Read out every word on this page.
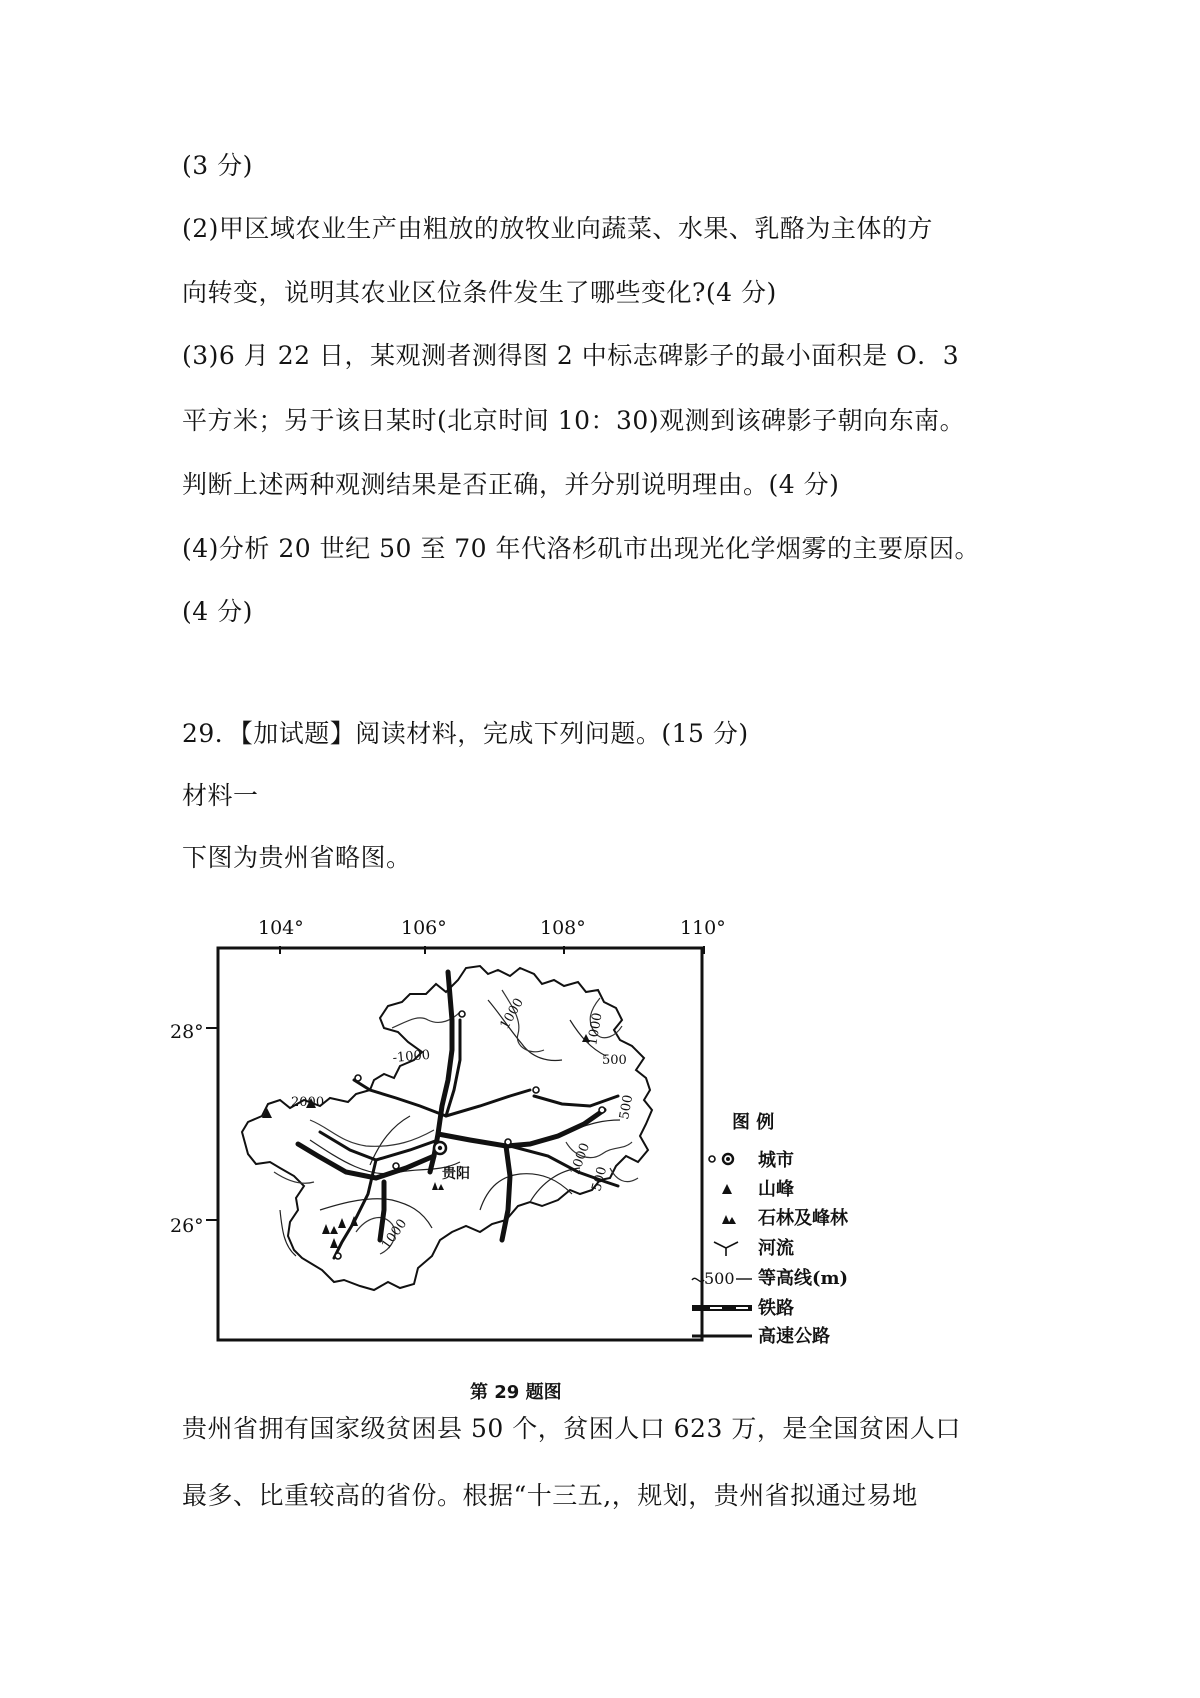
(3 分)
(2)甲区域农业生产由粗放的放牧业向蔬菜、水果、乳酪为主体的方
向转变，说明其农业区位条件发生了哪些变化?(4 分)
(3)6 月 22 日，某观测者测得图 2 中标志碑影子的最小面积是 O．3
平方米；另于该日某时(北京时间 10：30)观测到该碑影子朝向东南。
判断上述两种观测结果是否正确，并分别说明理由。(4 分)
(4)分析 20 世纪 50 至 70 年代洛杉矶市出现光化学烟雾的主要原因。
(4 分)
29．【加试题】阅读材料，完成下列问题。(15 分)
材料一
下图为贵州省略图。
104°	106°	108°	110°
28°
26°
贵阳
1000
-1000
2000
1000
500
500
1000
500
1000
图 例
城市
山峰
石林及峰林
河流
500 等高线(m)
铁路
高速公路
第 29 题图
贵州省拥有国家级贫困县 50 个，贫困人口 623 万，是全国贫困人口
最多、比重较高的省份。根据“十三五,，规划，贵州省拟通过易地
